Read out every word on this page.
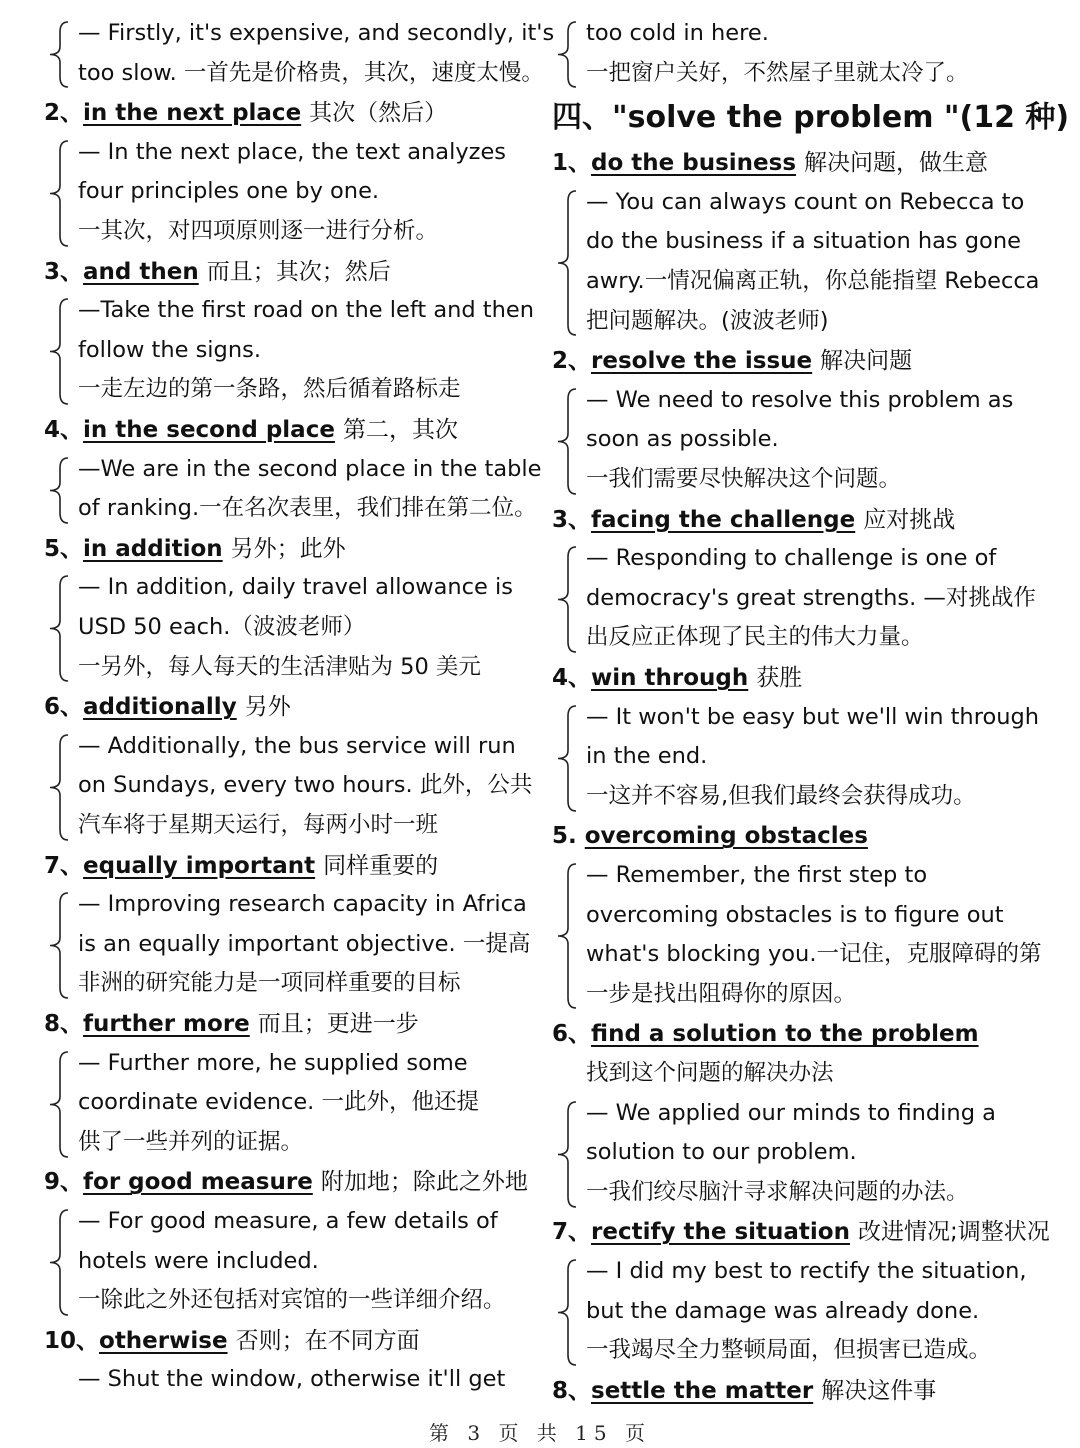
— Firstly, it's expensive, and secondly, it's
too slow. 一首先是价格贵，其次，速度太慢。
2、in the next place 其次（然后）
— In the next place, the text analyzes
four principles one by one.
一其次，对四项原则逐一进行分析。
3、and then 而且；其次；然后
—Take the first road on the left and then
follow the signs.
一走左边的第一条路，然后循着路标走
4、in the second place 第二，其次
—We are in the second place in the table
of ranking.一在名次表里，我们排在第二位。
5、in addition 另外；此外
— In addition, daily travel allowance is
USD 50 each.（波波老师）
一另外，每人每天的生活津贴为 50 美元
6、additionally 另外
— Additionally, the bus service will run
on Sundays, every two hours. 此外，公共
汽车将于星期天运行，每两小时一班
7、equally important 同样重要的
— Improving research capacity in Africa
is an equally important objective. 一提高
非洲的研究能力是一项同样重要的目标
8、further more 而且；更进一步
— Further more, he supplied some
coordinate evidence. 一此外，他还提
供了一些并列的证据。
9、for good measure 附加地；除此之外地
— For good measure, a few details of
hotels were included.
一除此之外还包括对宾馆的一些详细介绍。
10、otherwise 否则；在不同方面
— Shut the window, otherwise it'll get
too cold in here.
一把窗户关好，不然屋子里就太冷了。
四、"solve the problem "(12 种)
1、do the business 解决问题，做生意
— You can always count on Rebecca to
do the business if a situation has gone
awry.一情况偏离正轨，你总能指望 Rebecca
把问题解决。(波波老师)
2、resolve the issue 解决问题
— We need to resolve this problem as
soon as possible.
一我们需要尽快解决这个问题。
3、facing the challenge 应对挑战
— Responding to challenge is one of
democracy's great strengths. —对挑战作
出反应正体现了民主的伟大力量。
4、win through 获胜
— It won't be easy but we'll win through
in the end.
一这并不容易,但我们最终会获得成功。
5. overcoming obstacles
— Remember, the first step to
overcoming obstacles is to figure out
what's blocking you.一记住，克服障碍的第
一步是找出阻碍你的原因。
6、find a solution to the problem
找到这个问题的解决办法
— We applied our minds to finding a
solution to our problem.
一我们绞尽脑汁寻求解决问题的办法。
7、rectify the situation 改进情况;调整状况
— I did my best to rectify the situation,
but the damage was already done.
一我竭尽全力整顿局面，但损害已造成。
8、settle the matter 解决这件事
第 3 页 共 15 页
